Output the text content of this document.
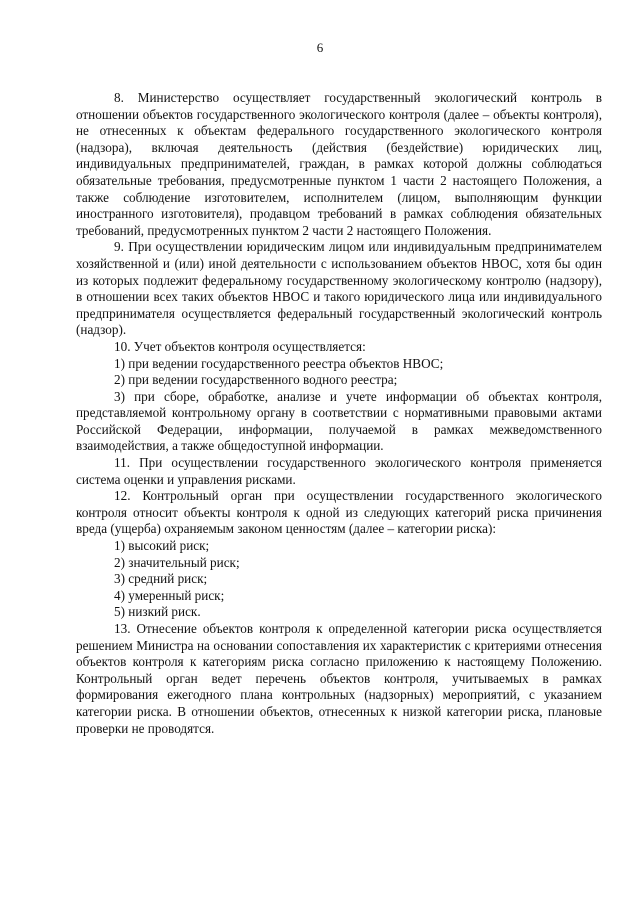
6

8. Министерство осуществляет государственный экологический контроль в отношении объектов государственного экологического контроля (далее – объекты контроля), не отнесенных к объектам федерального государственного экологического контроля (надзора), включая деятельность (действия (бездействие) юридических лиц, индивидуальных предпринимателей, граждан, в рамках которой должны соблюдаться обязательные требования, предусмотренные пунктом 1 части 2 настоящего Положения, а также соблюдение изготовителем, исполнителем (лицом, выполняющим функции иностранного изготовителя), продавцом требований в рамках соблюдения обязательных требований, предусмотренных пунктом 2 части 2 настоящего Положения.

9. При осуществлении юридическим лицом или индивидуальным предпринимателем хозяйственной и (или) иной деятельности с использованием объектов НВОС, хотя бы один из которых подлежит федеральному государственному экологическому контролю (надзору), в отношении всех таких объектов НВОС и такого юридического лица или индивидуального предпринимателя осуществляется федеральный государственный экологический контроль (надзор).

10. Учет объектов контроля осуществляется:

1) при ведении государственного реестра объектов НВОС;

2) при ведении государственного водного реестра;

3) при сборе, обработке, анализе и учете информации об объектах контроля, представляемой контрольному органу в соответствии с нормативными правовыми актами Российской Федерации, информации, получаемой в рамках межведомственного взаимодействия, а также общедоступной информации.

11. При осуществлении государственного экологического контроля применяется система оценки и управления рисками.

12. Контрольный орган при осуществлении государственного экологического контроля относит объекты контроля к одной из следующих категорий риска причинения вреда (ущерба) охраняемым законом ценностям (далее – категории риска):

1) высокий риск;

2) значительный риск;

3) средний риск;

4) умеренный риск;

5) низкий риск.

13. Отнесение объектов контроля к определенной категории риска осуществляется решением Министра на основании сопоставления их характеристик с критериями отнесения объектов контроля к категориям риска согласно приложению к настоящему Положению. Контрольный орган ведет перечень объектов контроля, учитываемых в рамках формирования ежегодного плана контрольных (надзорных) мероприятий, с указанием категории риска. В отношении объектов, отнесенных к низкой категории риска, плановые проверки не проводятся.
